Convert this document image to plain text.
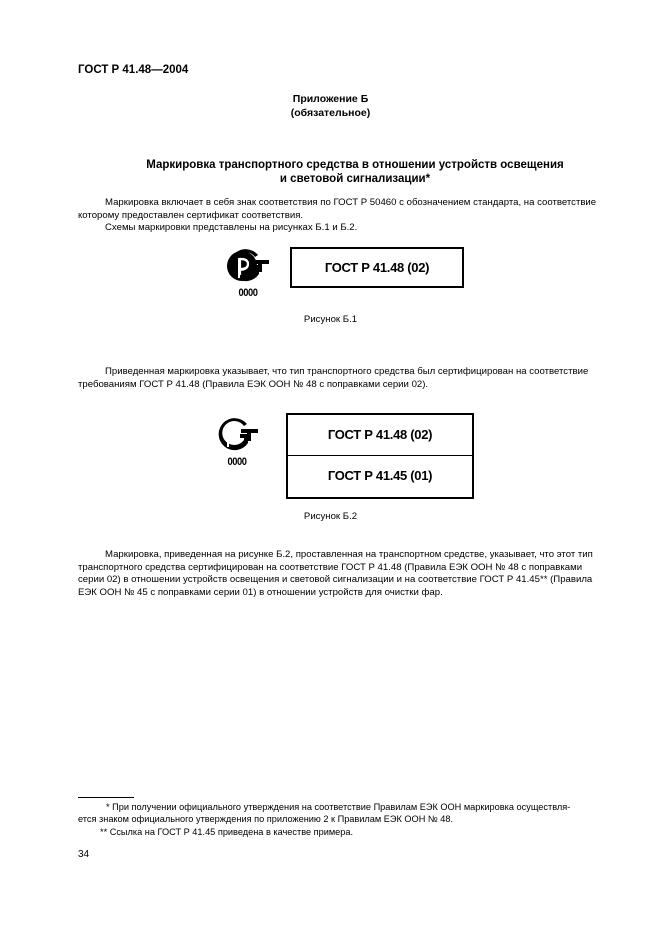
ГОСТ Р 41.48—2004
Приложение Б
(обязательное)
Маркировка транспортного средства в отношении устройств освещения
и световой сигнализации*

Маркировка включает в себя знак соответствия по ГОСТ Р 50460 с обозначением стандарта, на соответствие

которому предоставлен сертификат соответствия.

Схемы маркировки представлены на рисунках Б.1 и Б.2.

0000
ГОСТ Р 41.48 (02)
Рисунок Б.1

Приведенная маркировка указывает, что тип транспортного средства был сертифицирован на соответствие

требованиям ГОСТ Р 41.48 (Правила ЕЭК ООН № 48 с поправками серии 02).

0000
ГОСТ Р 41.48 (02)
ГОСТ Р 41.45 (01)
Рисунок Б.2

Маркировка, приведенная на рисунке Б.2, проставленная на транспортном средстве, указывает, что этот тип

транспортного средства сертифицирован на соответствие ГОСТ Р 41.48 (Правила ЕЭК ООН № 48 с поправками

серии 02) в отношении устройств освещения и световой сигнализации и на соответствие ГОСТ Р 41.45** (Правила

ЕЭК ООН № 45 с поправками серии 01) в отношении устройств для очистки фар.

* При получении официального утверждения на соответствие Правилам ЕЭК ООН маркировка осуществля-

ется знаком официального утверждения по приложению 2 к Правилам ЕЭК ООН № 48.

** Ссылка на ГОСТ Р 41.45 приведена в качестве примера.

34
